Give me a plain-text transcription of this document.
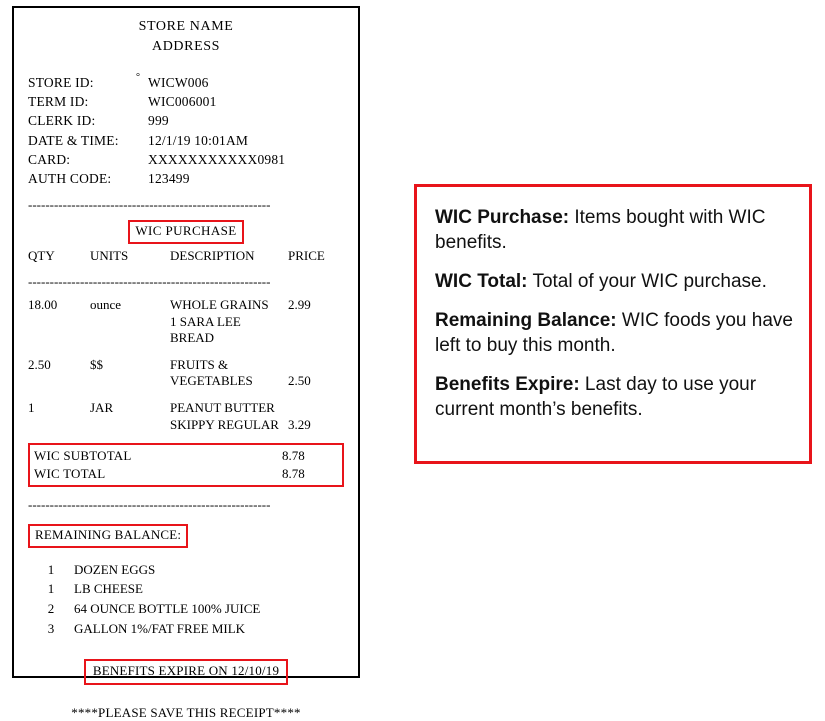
STORE NAME
ADDRESS
STORE ID:	° WICW006
TERM ID:	WIC006001
CLERK ID:	999
DATE & TIME:	12/1/19 10:01AM
CARD:	XXXXXXXXXXX0981
AUTH CODE:	123499
--------------------------------------------------------
WIC PURCHASE
QTY	UNITS	DESCRIPTION	PRICE
--------------------------------------------------------
18.00	ounce	WHOLE GRAINS	2.99
1 SARA LEE BREAD
2.50	$$	FRUITS &
VEGETABLES	2.50
1	JAR	PEANUT BUTTER
SKIPPY REGULAR 3.29
WIC SUBTOTAL	8.78
WIC TOTAL	8.78
--------------------------------------------------------
REMAINING BALANCE:
1	DOZEN EGGS
1	LB CHEESE
2	64 OUNCE BOTTLE 100% JUICE
3	GALLON 1%/FAT FREE MILK
BENEFITS EXPIRE ON 12/10/19
****PLEASE SAVE THIS RECEIPT****
WIC Purchase: Items bought with WIC benefits.
WIC Total: Total of your WIC purchase.
Remaining Balance: WIC foods you have left to buy this month.
Benefits Expire: Last day to use your current month’s benefits.
